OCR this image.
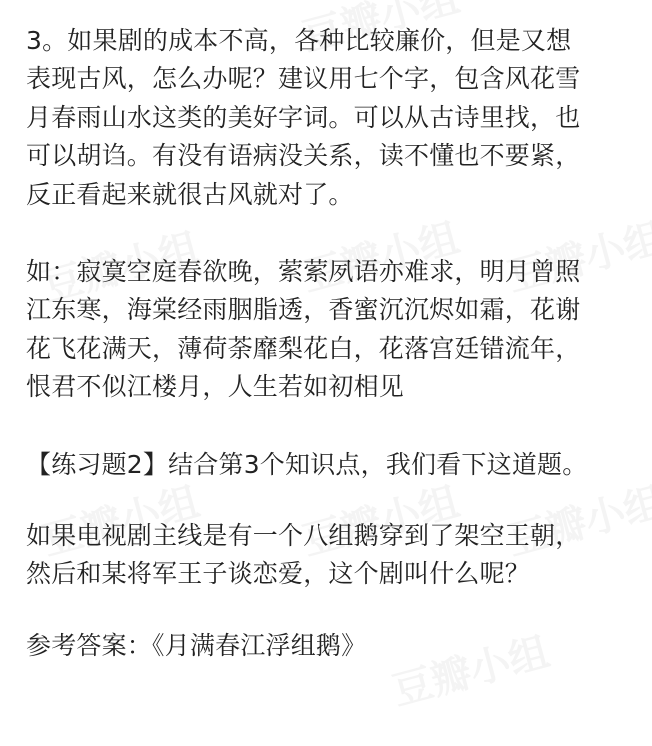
3。如果剧的成本不高，各种比较廉价，但是又想

表现古风，怎么办呢？建议用七个字，包含风花雪

月春雨山水这类的美好字词。可以从古诗里找，也

可以胡诌。有没有语病没关系，读不懂也不要紧，

反正看起来就很古风就对了。

如：寂寞空庭春欲晚，萦萦夙语亦难求，明月曾照

江东寒，海棠经雨胭脂透，香蜜沉沉烬如霜，花谢

花飞花满天，薄荷荼靡梨花白，花落宫廷错流年，

恨君不似江楼月，人生若如初相见

【练习题2】结合第3个知识点，我们看下这道题。

如果电视剧主线是有一个八组鹅穿到了架空王朝，

然后和某将军王子谈恋爱，这个剧叫什么呢？

参考答案：《月满春江浮组鹅》
